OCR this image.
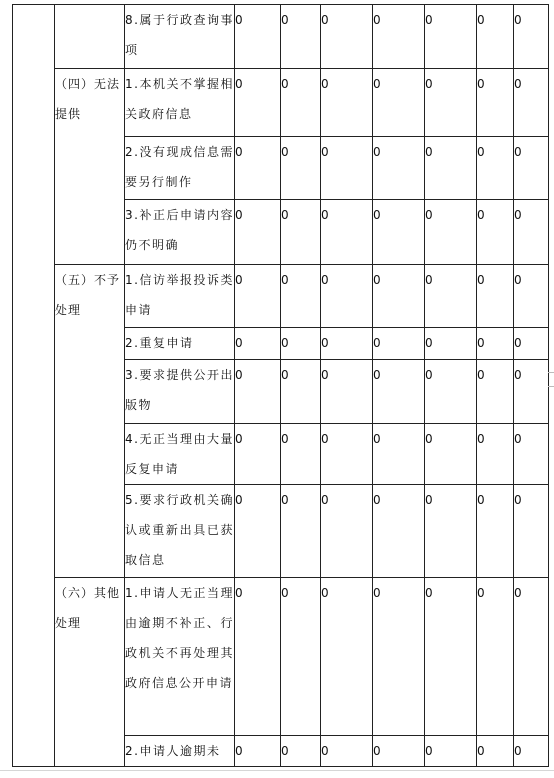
		8.属于行政查询事项	0	0	0	0	0	0	0
	（四）无法提供	1.本机关不掌握相关政府信息	0	0	0	0	0	0	0
		2.没有现成信息需要另行制作	0	0	0	0	0	0	0
		3.补正后申请内容仍不明确	0	0	0	0	0	0	0
	（五）不予处理	1.信访举报投诉类申请	0	0	0	0	0	0	0
		2.重复申请	0	0	0	0	0	0	0
		3.要求提供公开出版物	0	0	0	0	0	0	0
		4.无正当理由大量反复申请	0	0	0	0	0	0	0
		5.要求行政机关确认或重新出具已获取信息	0	0	0	0	0	0	0
	（六）其他处理	1.申请人无正当理由逾期不补正、行政机关不再处理其政府信息公开申请	0	0	0	0	0	0	0
		2.申请人逾期未	0	0	0	0	0	0	0
